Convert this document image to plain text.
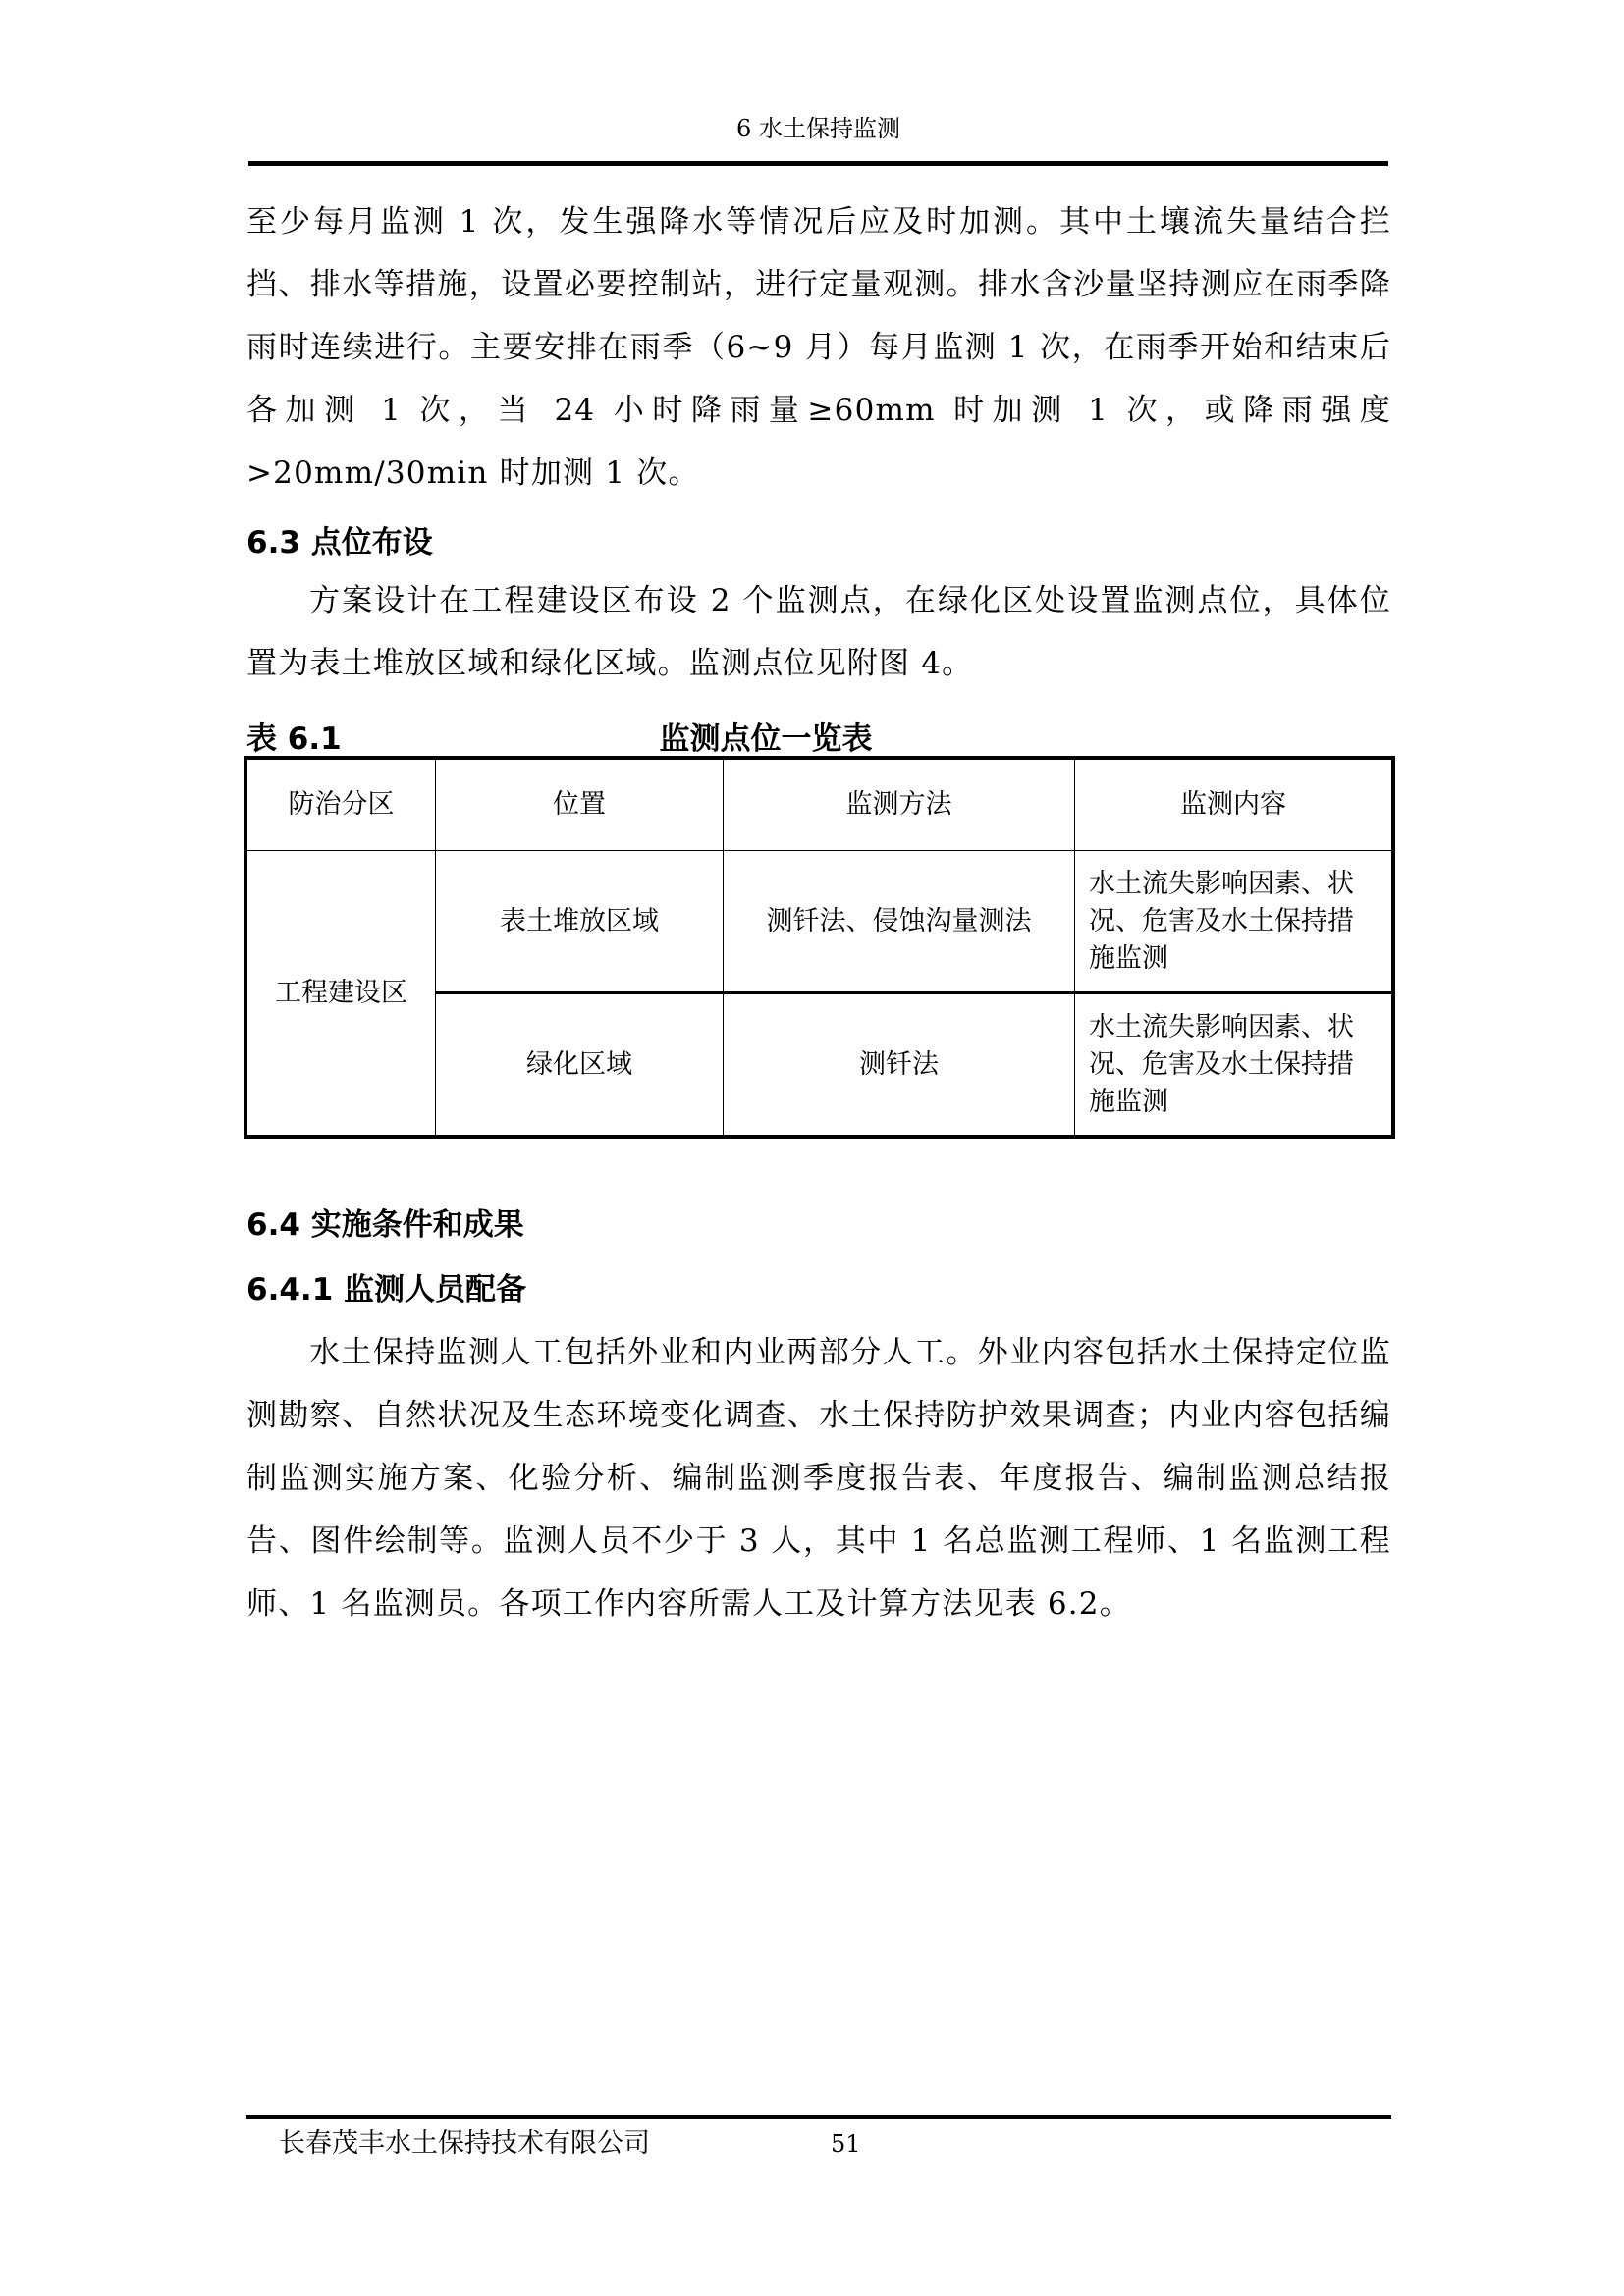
6 水土保持监测

至少每月监测 1 次，发生强降水等情况后应及时加测。其中土壤流失量结合拦挡、排水等措施，设置必要控制站，进行定量观测。排水含沙量坚持测应在雨季降雨时连续进行。主要安排在雨季（6~9 月）每月监测 1 次，在雨季开始和结束后各加测 1 次，当 24 小时降雨量≥60mm 时加测 1 次，或降雨强度>20mm/30min 时加测 1 次。

6.3 点位布设

方案设计在工程建设区布设 2 个监测点，在绿化区处设置监测点位，具体位置为表土堆放区域和绿化区域。监测点位见附图 4。

表 6.1	监测点位一览表
防治分区	位置	监测方法	监测内容
工程建设区	表土堆放区域	测钎法、侵蚀沟量测法	水土流失影响因素、状况、危害及水土保持措施监测
	绿化区域	测钎法	水土流失影响因素、状况、危害及水土保持措施监测
6.4 实施条件和成果
6.4.1 监测人员配备

水土保持监测人工包括外业和内业两部分人工。外业内容包括水土保持定位监测勘察、自然状况及生态环境变化调查、水土保持防护效果调查；内业内容包括编制监测实施方案、化验分析、编制监测季度报告表、年度报告、编制监测总结报告、图件绘制等。监测人员不少于 3 人，其中 1 名总监测工程师、1 名监测工程师、1 名监测员。各项工作内容所需人工及计算方法见表 6.2。

长春茂丰水土保持技术有限公司	51
